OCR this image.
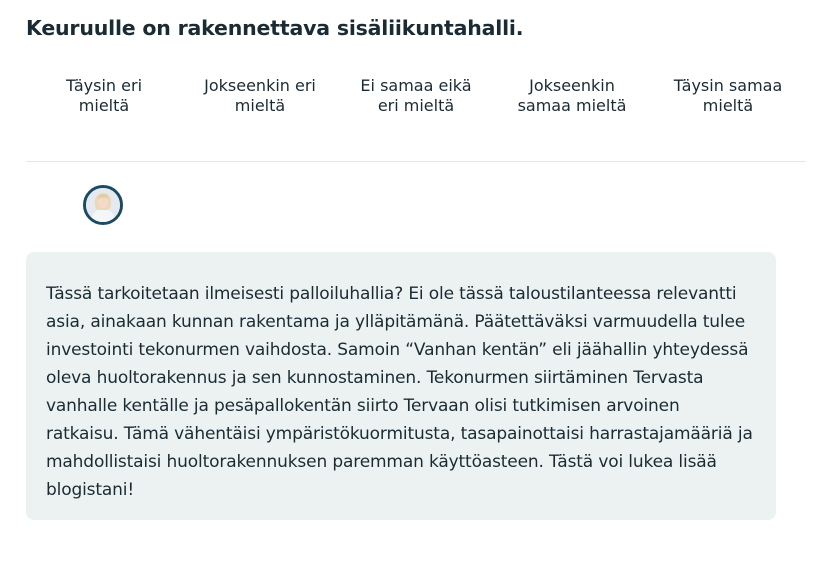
Keuruulle on rakennettava sisäliikuntahalli.
Täysin eri
mieltä
Jokseenkin eri
mieltä
Ei samaa eikä
eri mieltä
Jokseenkin
samaa mieltä
Täysin samaa
mieltä

Tässä tarkoitetaan ilmeisesti palloiluhallia? Ei ole tässä taloustilanteessa relevantti asia, ainakaan kunnan rakentama ja ylläpitämänä. Päätettäväksi varmuudella tulee investointi tekonurmen vaihdosta. Samoin “Vanhan kentän” eli jäähallin yhteydessä oleva huoltorakennus ja sen kunnostaminen. Tekonurmen siirtäminen Tervasta vanhalle kentälle ja pesäpallokentän siirto Tervaan olisi tutkimisen arvoinen ratkaisu. Tämä vähentäisi ympäristökuormitusta, tasapainottaisi harrastajamääriä ja mahdollistaisi huoltorakennuksen paremman käyttöasteen. Tästä voi lukea lisää blogistani!
